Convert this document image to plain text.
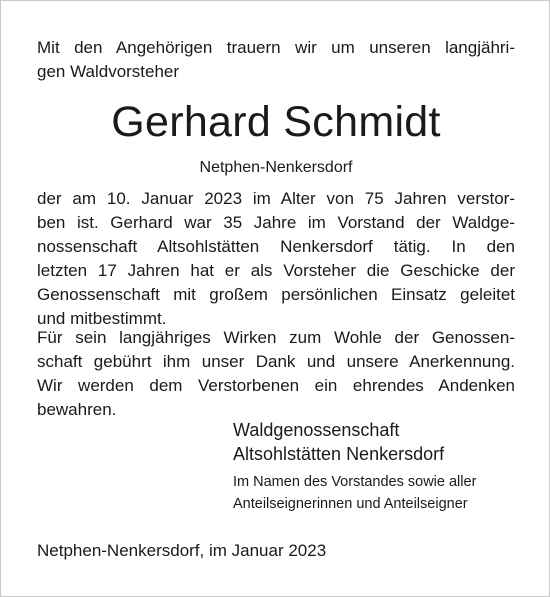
Mit den Angehörigen trauern wir um unseren langjähri-
gen Waldvorsteher
Gerhard Schmidt
Netphen-Nenkersdorf
der am 10. Januar 2023 im Alter von 75 Jahren verstor-
ben ist. Gerhard war 35 Jahre im Vorstand der Waldge-
nossenschaft Altsohlstätten Nenkersdorf tätig. In den
letzten 17 Jahren hat er als Vorsteher die Geschicke der
Genossenschaft mit großem persönlichen Einsatz geleitet
und mitbestimmt.
Für sein langjähriges Wirken zum Wohle der Genossen-
schaft gebührt ihm unser Dank und unsere Anerkennung.
Wir werden dem Verstorbenen ein ehrendes Andenken
bewahren.
Waldgenossenschaft
Altsohlstätten Nenkersdorf
Im Namen des Vorstandes sowie aller
Anteilseignerinnen und Anteilseigner
Netphen-Nenkersdorf, im Januar 2023
